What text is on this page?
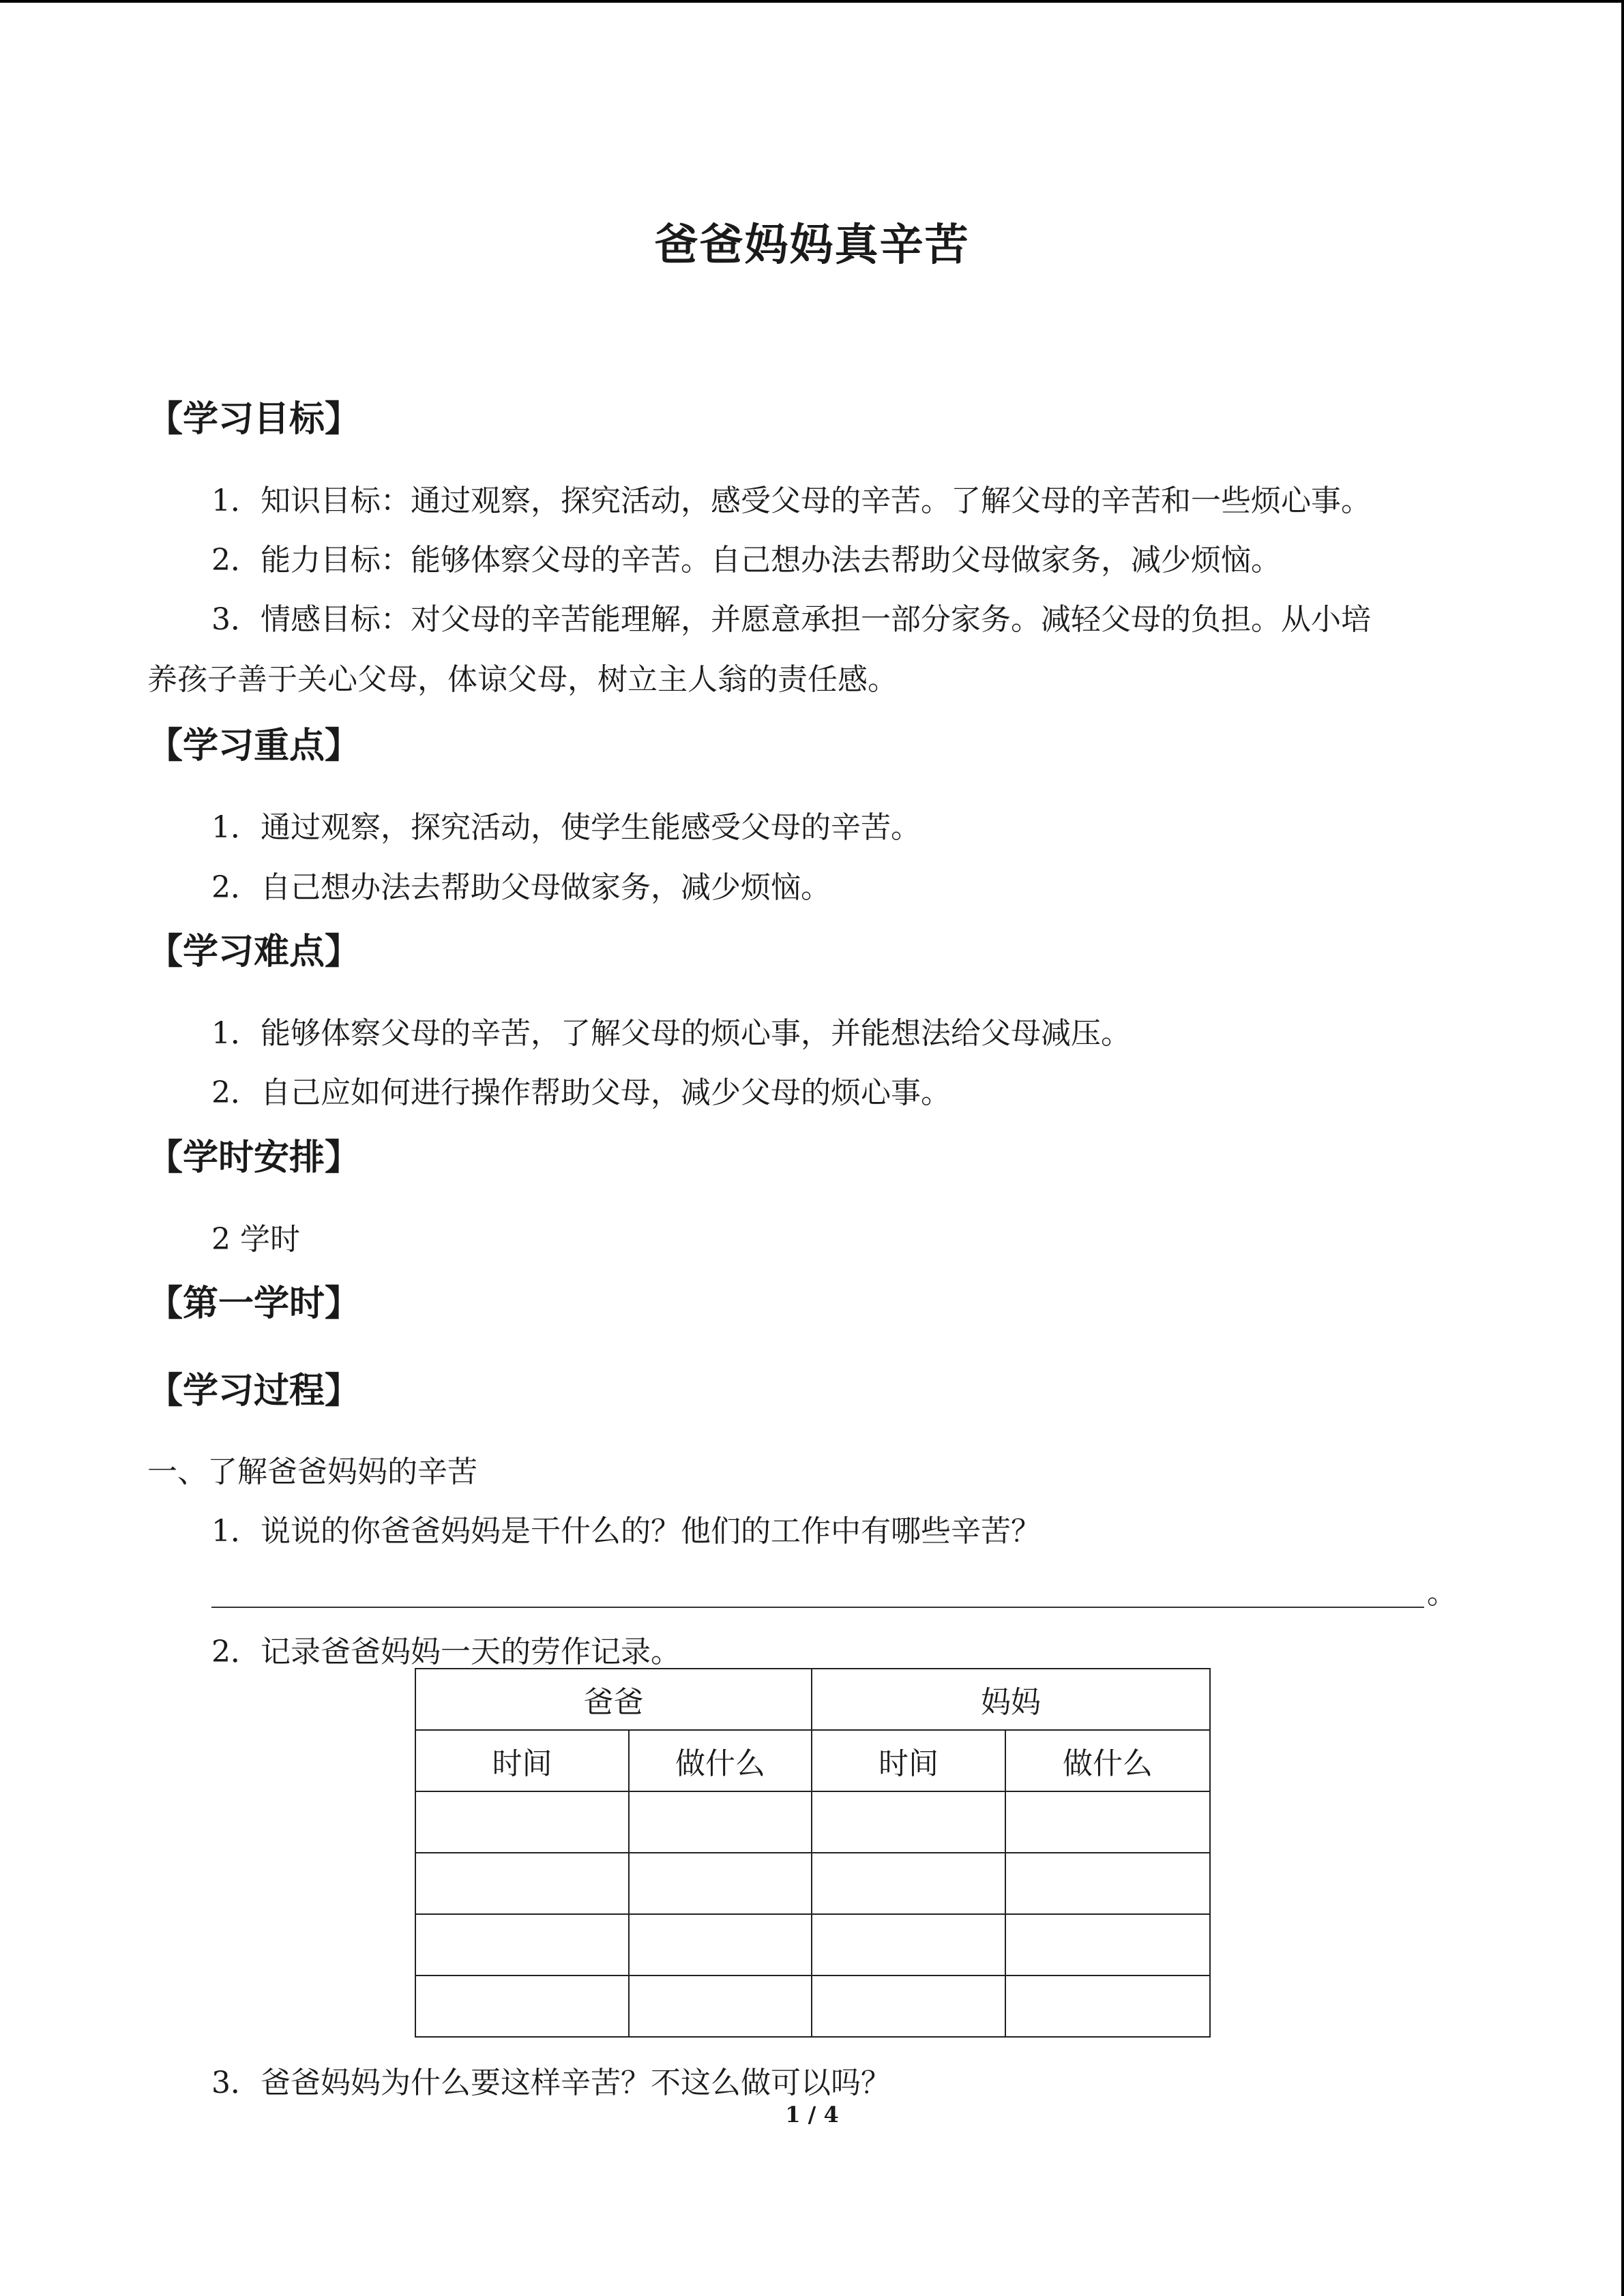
爸爸妈妈真辛苦
【学习目标】
1．知识目标：通过观察，探究活动，感受父母的辛苦。了解父母的辛苦和一些烦心事。
2．能力目标：能够体察父母的辛苦。自己想办法去帮助父母做家务，减少烦恼。
3．情感目标：对父母的辛苦能理解，并愿意承担一部分家务。减轻父母的负担。从小培
养孩子善于关心父母，体谅父母，树立主人翁的责任感。
【学习重点】
1．通过观察，探究活动，使学生能感受父母的辛苦。
2．自己想办法去帮助父母做家务，减少烦恼。
【学习难点】
1．能够体察父母的辛苦，了解父母的烦心事，并能想法给父母减压。
2．自己应如何进行操作帮助父母，减少父母的烦心事。
【学时安排】
2 学时
【第一学时】
【学习过程】
一、了解爸爸妈妈的辛苦
1．说说的你爸爸妈妈是干什么的？他们的工作中有哪些辛苦？
。
2．记录爸爸妈妈一天的劳作记录。
爸爸		妈妈	
时间	做什么	时间	做什么

3．爸爸妈妈为什么要这样辛苦？不这么做可以吗？
1 / 4
